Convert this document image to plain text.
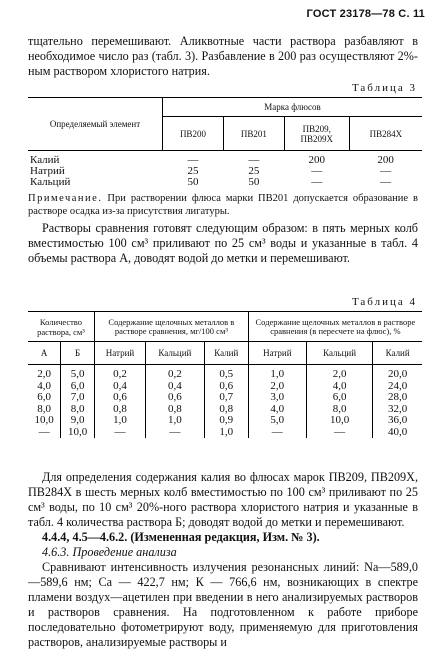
ГОСТ 23178—78 С. 11

тщательно перемешивают. Аликвотные части раствора разбавляют в необходимое число раз (табл. 3). Разбавление в 200 раз осуществляют 2%-ным раствором хлористого натрия.

Таблица 3
Определяемый элемент	Марка флюсов			
	ПВ200	ПВ201	ПВ209, ПВ209Х	ПВ284Х
Калий	—	—	200	200
Натрий	25	25	—	—
Кальций	50	50	—	—
Примечание. При растворении флюса марки ПВ201 допускается образование в растворе осадка из-за присутствия лигатуры.

Растворы сравнения готовят следующим образом: в пять мерных колб вместимостью 100 см³ приливают по 25 см³ воды и указанные в табл. 4 объемы раствора А, доводят водой до метки и перемешивают.

Таблица 4
Количество раствора, см³		Содержание щелочных металлов в растворе сравнения, мг/100 см³			Содержание щелочных металлов в растворе сравнения (в пересчете на флюс), %		
А	Б	Натрий	Кальций	Калий	Натрий	Кальций	Калий
2,0	5,0	0,2	0,2	0,5	1,0	2,0	20,0
4,0	6,0	0,4	0,4	0,6	2,0	4,0	24,0
6,0	7,0	0,6	0,6	0,7	3,0	6,0	28,0
8,0	8,0	0,8	0,8	0,8	4,0	8,0	32,0
10,0	9,0	1,0	1,0	0,9	5,0	10,0	36,0
—	10,0	—	—	1,0	—	—	40,0

Для определения содержания калия во флюсах марок ПВ209, ПВ209Х, ПВ284Х в шесть мерных колб вместимостью по 100 см³ приливают по 25 см³ воды, по 10 см³ 20%-ного раствора хлористого натрия и указанные в табл. 4 количества раствора Б; доводят водой до метки и перемешивают.

4.4.4, 4.5—4.6.2. (Измененная редакция, Изм. № 3).

4.6.3. Проведение анализа

Сравнивают интенсивность излучения резонансных линий: Na—589,0—589,6 нм; Са — 422,7 нм; К — 766,6 нм, возникающих в спектре пламени воздух—ацетилен при введении в него анализируемых растворов и растворов сравнения. На подготовленном к работе приборе последовательно фотометрируют воду, применяемую для приготовления растворов, анализируемые растворы и
